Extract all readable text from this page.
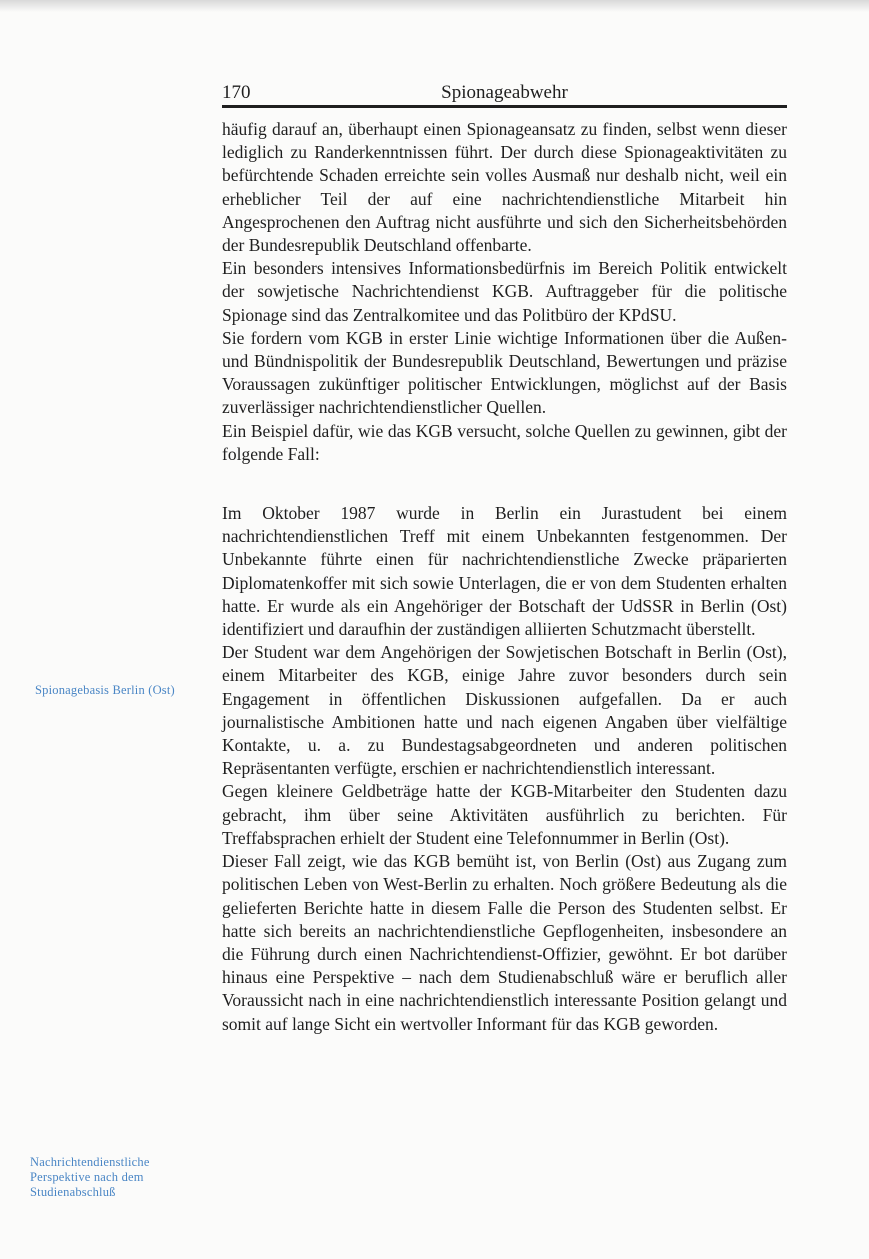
170	Spionageabwehr

häufig darauf an, überhaupt einen Spionageansatz zu finden, selbst wenn dieser lediglich zu Randerkenntnissen führt. Der durch diese Spionageaktivitäten zu befürchtende Schaden erreichte sein volles Ausmaß nur deshalb nicht, weil ein erheblicher Teil der auf eine nachrichtendienstliche Mitarbeit hin Angesprochenen den Auftrag nicht ausführte und sich den Sicherheitsbehörden der Bundesrepublik Deutschland offenbarte.

Ein besonders intensives Informationsbedürfnis im Bereich Politik entwickelt der sowjetische Nachrichtendienst KGB. Auftraggeber für die politische Spionage sind das Zentralkomitee und das Politbüro der KPdSU.

Sie fordern vom KGB in erster Linie wichtige Informationen über die Außen- und Bündnispolitik der Bundesrepublik Deutschland, Bewertungen und präzise Voraussagen zukünftiger politischer Entwicklungen, möglichst auf der Basis zuverlässiger nachrichtendienstlicher Quellen.

Ein Beispiel dafür, wie das KGB versucht, solche Quellen zu gewinnen, gibt der folgende Fall:

Im Oktober 1987 wurde in Berlin ein Jurastudent bei einem nachrichtendienstlichen Treff mit einem Unbekannten festgenommen. Der Unbekannte führte einen für nachrichtendienstliche Zwecke präparierten Diplomatenkoffer mit sich sowie Unterlagen, die er von dem Studenten erhalten hatte. Er wurde als ein Angehöriger der Botschaft der UdSSR in Berlin (Ost) identifiziert und daraufhin der zuständigen alliierten Schutzmacht überstellt.

Der Student war dem Angehörigen der Sowjetischen Botschaft in Berlin (Ost), einem Mitarbeiter des KGB, einige Jahre zuvor besonders durch sein Engagement in öffentlichen Diskussionen aufgefallen. Da er auch journalistische Ambitionen hatte und nach eigenen Angaben über vielfältige Kontakte, u. a. zu Bundestagsabgeordneten und anderen politischen Repräsentanten verfügte, erschien er nachrichtendienstlich interessant.

Gegen kleinere Geldbeträge hatte der KGB-Mitarbeiter den Studenten dazu gebracht, ihm über seine Aktivitäten ausführlich zu berichten. Für Treffabsprachen erhielt der Student eine Telefonnummer in Berlin (Ost).

Dieser Fall zeigt, wie das KGB bemüht ist, von Berlin (Ost) aus Zugang zum politischen Leben von West-Berlin zu erhalten. Noch größere Bedeutung als die gelieferten Berichte hatte in diesem Falle die Person des Studenten selbst. Er hatte sich bereits an nachrichtendienstliche Gepflogenheiten, insbesondere an die Führung durch einen Nachrichtendienst-Offizier, gewöhnt. Er bot darüber hinaus eine Perspektive – nach dem Studienabschluß wäre er beruflich aller Voraussicht nach in eine nachrichtendienstlich interessante Position gelangt und somit auf lange Sicht ein wertvoller Informant für das KGB geworden.

Spionagebasis Berlin (Ost)
Nachrichtendienstliche Perspektive nach dem Studienabschluß
